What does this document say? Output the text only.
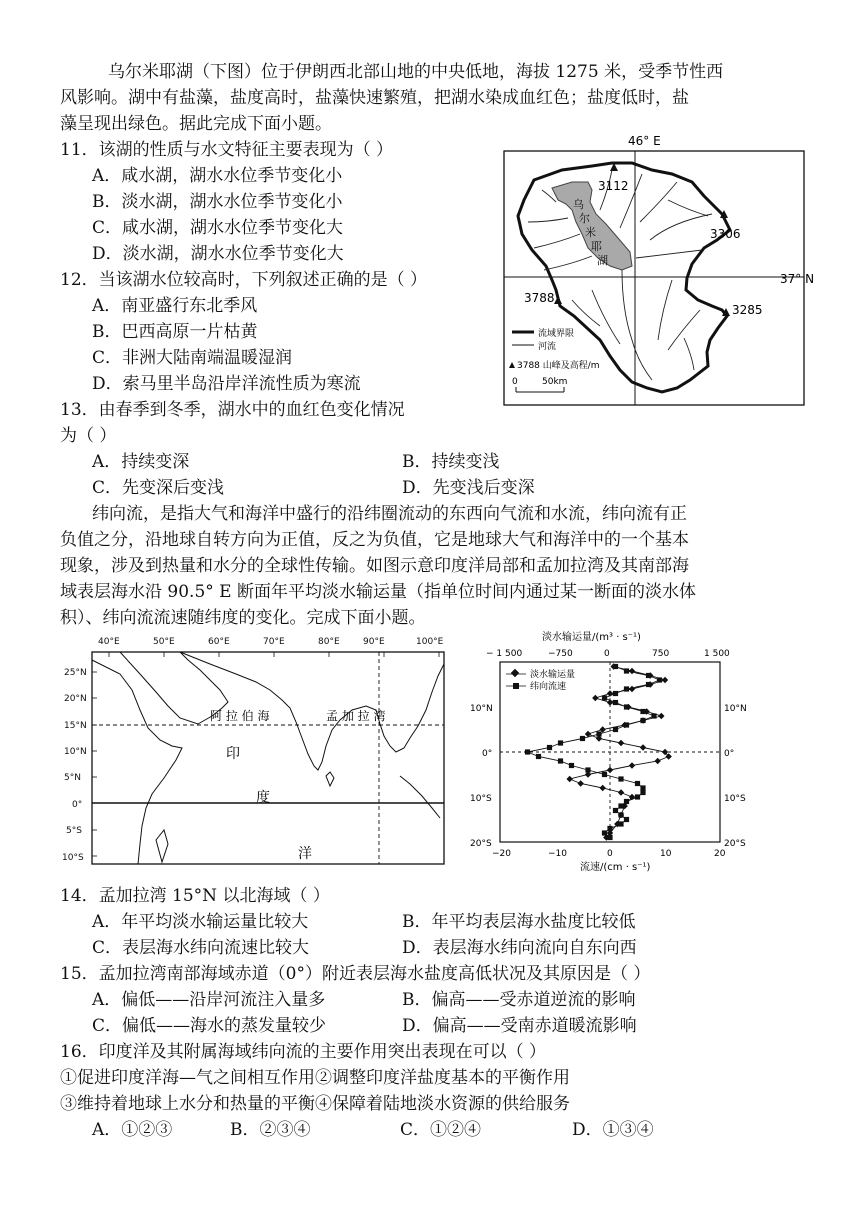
乌尔米耶湖（下图）位于伊朗西北部山地的中央低地，海拔 1275 米，受季节性西
风影响。湖中有盐藻，盐度高时，盐藻快速繁殖，把湖水染成血红色；盐度低时，盐
藻呈现出绿色。据此完成下面小题。
11．该湖的性质与水文特征主要表现为（ ）
A．咸水湖，湖水水位季节变化小
B．淡水湖，湖水水位季节变化小
C．咸水湖，湖水水位季节变化大
D．淡水湖，湖水水位季节变化大
12．当该湖水位较高时，下列叙述正确的是（ ）
A．南亚盛行东北季风
B．巴西高原一片枯黄
C．非洲大陆南端温暖湿润
D．索马里半岛沿岸洋流性质为寒流
13．由春季到冬季，湖水中的血红色变化情况
为（ ）
A．持续变深	B．持续变浅
C．先变深后变浅	D．先变浅后变深
46° E
37° N
乌
尔
米
耶
湖
3112
3306
3788
3285
流域界限
河流
3788 山峰及高程/m
0	50km
纬向流，是指大气和海洋中盛行的沿纬圈流动的东西向气流和水流，纬向流有正
负值之分，沿地球自转方向为正值，反之为负值，它是地球大气和海洋中的一个基本
现象，涉及到热量和水分的全球性传输。如图示意印度洋局部和孟加拉湾及其南部海
域表层海水沿 90.5° E 断面年平均淡水输运量（指单位时间内通过某一断面的淡水体
积）、纬向流流速随纬度的变化。完成下面小题。
40°E	50°E	60°E	70°E	80°E	90°E	100°E
25°N
20°N
15°N
10°N
5°N
0°
5°S
10°S
阿 拉 伯 海	孟 加 拉 湾
印
度
洋
淡水输运量/(m³ · s⁻¹)
− 1 500	−750	0	750	1 500
10°N
0°
10°S
20°S
10°N
0°
10°S
20°S
−20	−10	0	10	20
流速/(cm · s⁻¹)
淡水输运量
纬向流速
14．孟加拉湾 15°N 以北海域（ ）
A．年平均淡水输运量比较大	B．年平均表层海水盐度比较低
C．表层海水纬向流速比较大	D．表层海水纬向流向自东向西
15．孟加拉湾南部海域赤道（0°）附近表层海水盐度高低状况及其原因是（ ）
A．偏低——沿岸河流注入量多	B．偏高——受赤道逆流的影响
C．偏低——海水的蒸发量较少	D．偏高——受南赤道暖流影响
16．印度洋及其附属海域纬向流的主要作用突出表现在可以（ ）
①促进印度洋海—气之间相互作用②调整印度洋盐度基本的平衡作用
③维持着地球上水分和热量的平衡④保障着陆地淡水资源的供给服务
A．①②③	B．②③④	C．①②④	D．①③④
